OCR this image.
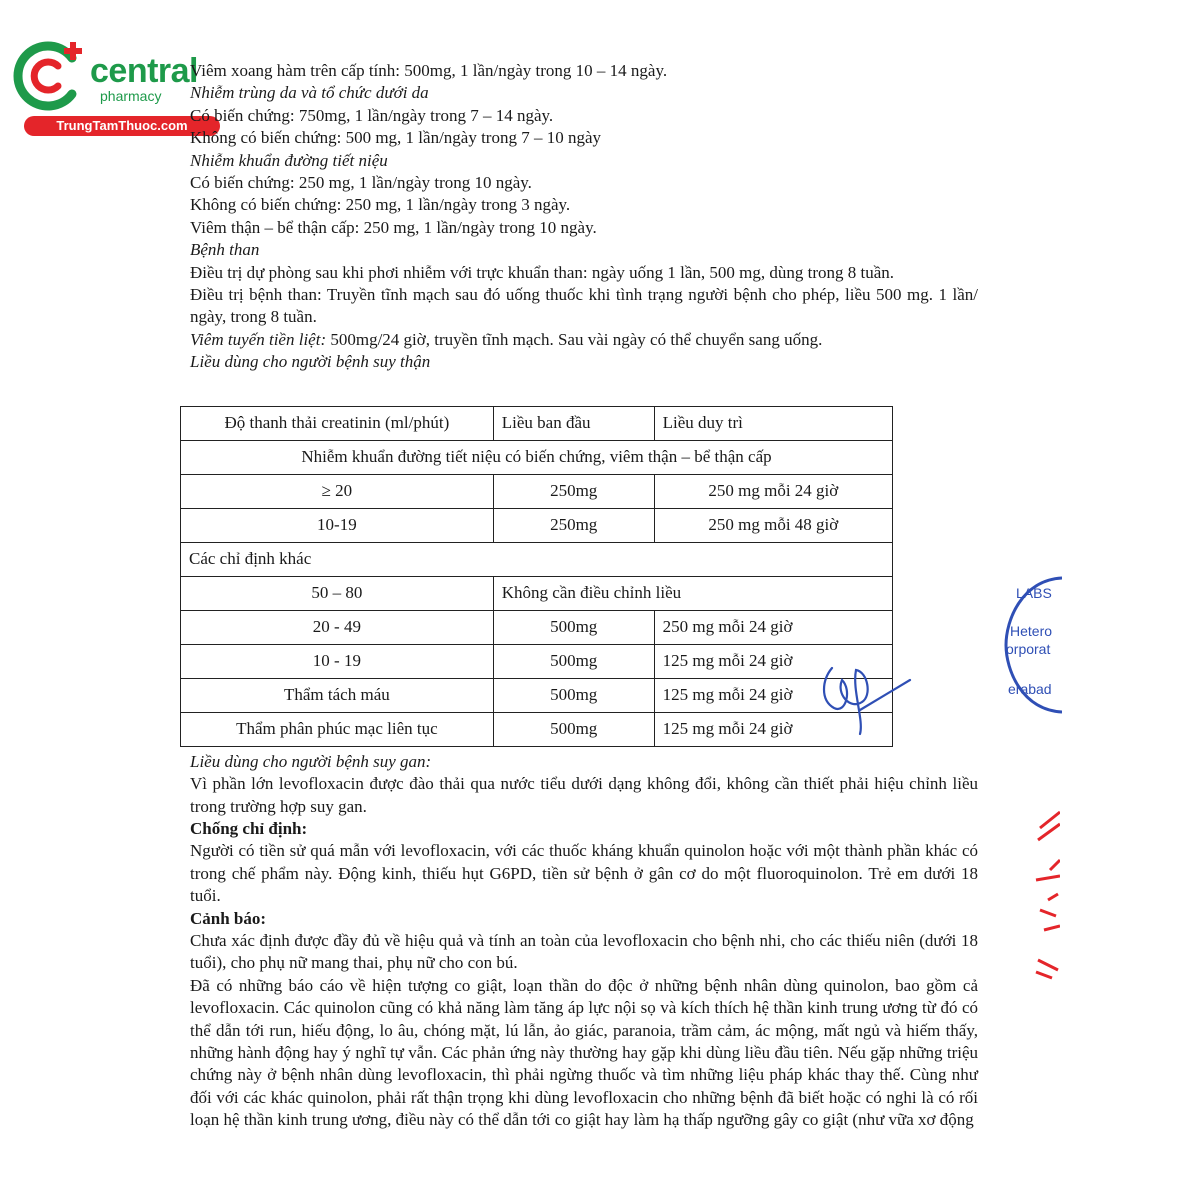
central
pharmacy
TrungTamThuoc.com

Viêm xoang hàm trên cấp tính: 500mg, 1 lần/ngày trong 10 – 14 ngày.

Nhiễm trùng da và tổ chức dưới da

Có biến chứng: 750mg, 1 lần/ngày trong 7 – 14 ngày.

Không có biến chứng: 500 mg, 1 lần/ngày trong 7 – 10 ngày

Nhiễm khuẩn đường tiết niệu

Có biến chứng: 250 mg, 1 lần/ngày trong 10 ngày.

Không có biến chứng: 250 mg, 1 lần/ngày trong 3 ngày.

Viêm thận – bể thận cấp: 250 mg, 1 lần/ngày trong 10 ngày.

Bệnh than

Điều trị dự phòng sau khi phơi nhiễm với trực khuẩn than: ngày uống 1 lần, 500 mg, dùng trong 8 tuần.

Điều trị bệnh than: Truyền tĩnh mạch sau đó uống thuốc khi tình trạng người bệnh cho phép, liều 500 mg. 1 lần/ ngày, trong 8 tuần.

Viêm tuyến tiền liệt: 500mg/24 giờ, truyền tĩnh mạch. Sau vài ngày có thể chuyển sang uống.

Liều dùng cho người bệnh suy thận

Độ thanh thải creatinin (ml/phút)	Liều ban đầu	Liều duy trì
Nhiễm khuẩn đường tiết niệu có biến chứng, viêm thận – bể thận cấp		
≥ 20	250mg	250 mg mỗi 24 giờ
10-19	250mg	250 mg mỗi 48 giờ
Các chỉ định khác		
50 – 80	Không cần điều chỉnh liều	
20 - 49	500mg	250 mg mỗi 24 giờ
10 - 19	500mg	125 mg mỗi 24 giờ
Thẩm tách máu	500mg	125 mg mỗi 24 giờ
Thẩm phân phúc mạc liên tục	500mg	125 mg mỗi 24 giờ

Liều dùng cho người bệnh suy gan:

Vì phần lớn levofloxacin được đào thải qua nước tiểu dưới dạng không đổi, không cần thiết phải hiệu chỉnh liều trong trường hợp suy gan.

Chống chỉ định:

Người có tiền sử quá mẫn với levofloxacin, với các thuốc kháng khuẩn quinolon hoặc với một thành phần khác có trong chế phẩm này. Động kinh, thiếu hụt G6PD, tiền sử bệnh ở gân cơ do một fluoroquinolon. Trẻ em dưới 18 tuổi.

Cảnh báo:

Chưa xác định được đầy đủ về hiệu quả và tính an toàn của levofloxacin cho bệnh nhi, cho các thiếu niên (dưới 18 tuổi), cho phụ nữ mang thai, phụ nữ cho con bú.

Đã có những báo cáo về hiện tượng co giật, loạn thần do độc ở những bệnh nhân dùng quinolon, bao gồm cả levofloxacin. Các quinolon cũng có khả năng làm tăng áp lực nội sọ và kích thích hệ thần kinh trung ương từ đó có thể dẫn tới run, hiếu động, lo âu, chóng mặt, lú lẫn, ảo giác, paranoia, trầm cảm, ác mộng, mất ngủ và hiếm thấy, những hành động hay ý nghĩ tự vẫn. Các phản ứng này thường hay gặp khi dùng liều đầu tiên. Nếu gặp những triệu chứng này ở bệnh nhân dùng levofloxacin, thì phải ngừng thuốc và tìm những liệu pháp khác thay thế. Cùng như đối với các khác quinolon, phải rất thận trọng khi dùng levofloxacin cho những bệnh đã biết hoặc có nghi là có rối loạn hệ thần kinh trung ương, điều này có thể dẫn tới co giật hay làm hạ thấp ngưỡng gây co giật (như vữa xơ động

LABS
Hetero
orporat
erabad
